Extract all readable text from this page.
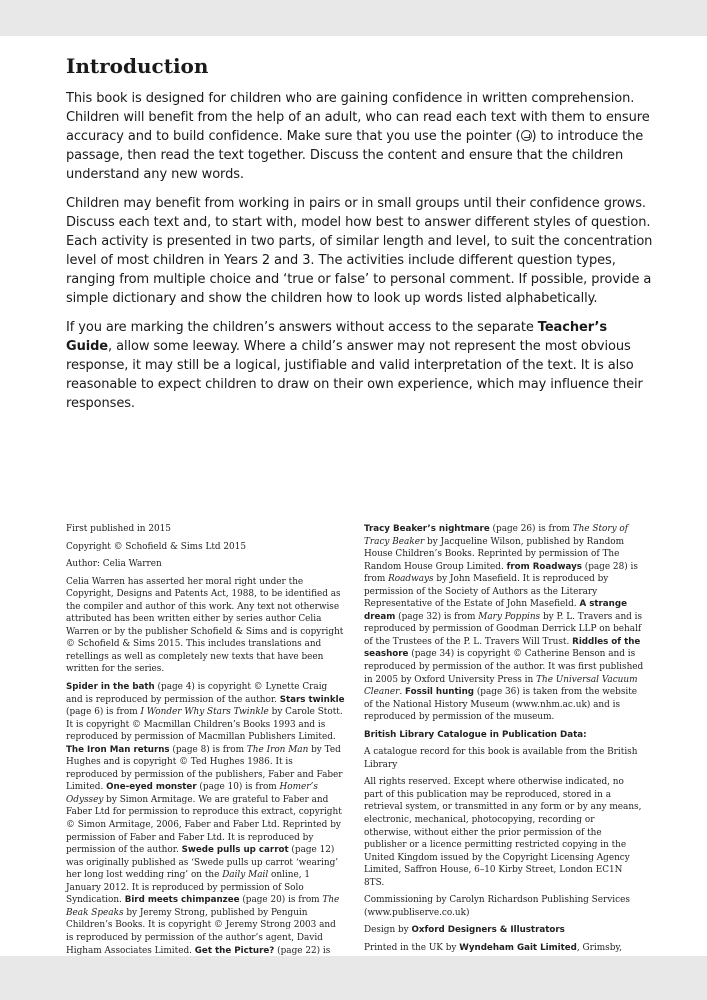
Introduction

This book is designed for children who are gaining confidence in written comprehension. Children will benefit from the help of an adult, who can read each text with them to ensure accuracy and to build confidence. Make sure that you use the pointer ( ) to introduce the passage, then read the text together. Discuss the content and ensure that the children understand any new words.

Children may benefit from working in pairs or in small groups until their confidence grows. Discuss each text and, to start with, model how best to answer different styles of question. Each activity is presented in two parts, of similar length and level, to suit the concentration level of most children in Years 2 and 3. The activities include different question types, ranging from multiple choice and ‘true or false’ to personal comment. If possible, provide a simple dictionary and show the children how to look up words listed alphabetically.

If you are marking the children’s answers without access to the separate Teacher’s Guide, allow some leeway. Where a child’s answer may not represent the most obvious response, it may still be a logical, justifiable and valid interpretation of the text. It is also reasonable to expect children to draw on their own experience, which may influence their responses.

First published in 2015

Copyright © Schofield & Sims Ltd 2015

Author: Celia Warren

Celia Warren has asserted her moral right under the Copyright, Designs and Patents Act, 1988, to be identified as the compiler and author of this work. Any text not otherwise attributed has been written either by series author Celia Warren or by the publisher Schofield & Sims and is copyright © Schofield & Sims 2015. This includes translations and retellings as well as completely new texts that have been written for the series.

Spider in the bath (page 4) is copyright © Lynette Craig and is reproduced by permission of the author. Stars twinkle (page 6) is from I Wonder Why Stars Twinkle by Carole Stott. It is copyright © Macmillan Children’s Books 1993 and is reproduced by permission of Macmillan Publishers Limited. The Iron Man returns (page 8) is from The Iron Man by Ted Hughes and is copyright © Ted Hughes 1986. It is reproduced by permission of the publishers, Faber and Faber Limited. One-eyed monster (page 10) is from Homer’s Odyssey by Simon Armitage. We are grateful to Faber and Faber Ltd for permission to reproduce this extract, copyright © Simon Armitage, 2006, Faber and Faber Ltd. Reprinted by permission of Faber and Faber Ltd. It is reproduced by permission of the author. Swede pulls up carrot (page 12) was originally published as ‘Swede pulls up carrot ‘wearing’ her long lost wedding ring’ on the Daily Mail online, 1 January 2012. It is reproduced by permission of Solo Syndication. Bird meets chimpanzee (page 20) is from The Beak Speaks by Jeremy Strong, published by Penguin Children’s Books. It is copyright © Jeremy Strong 2003 and is reproduced by permission of the author’s agent, David Higham Associates Limited. Get the Picture? (page 22) is

Tracy Beaker’s nightmare (page 26) is from The Story of Tracy Beaker by Jacqueline Wilson, published by Random House Children’s Books. Reprinted by permission of The Random House Group Limited. from Roadways (page 28) is from Roadways by John Masefield. It is reproduced by permission of the Society of Authors as the Literary Representative of the Estate of John Masefield. A strange dream (page 32) is from Mary Poppins by P. L. Travers and is reproduced by permission of Goodman Derrick LLP on behalf of the Trustees of the P. L. Travers Will Trust. Riddles of the seashore (page 34) is copyright © Catherine Benson and is reproduced by permission of the author. It was first published in 2005 by Oxford University Press in The Universal Vacuum Cleaner. Fossil hunting (page 36) is taken from the website of the National History Museum (www.nhm.ac.uk) and is reproduced by permission of the museum.

British Library Catalogue in Publication Data:

A catalogue record for this book is available from the British Library

All rights reserved. Except where otherwise indicated, no part of this publication may be reproduced, stored in a retrieval system, or transmitted in any form or by any means, electronic, mechanical, photocopying, recording or otherwise, without either the prior permission of the publisher or a licence permitting restricted copying in the United Kingdom issued by the Copyright Licensing Agency Limited, Saffron House, 6–10 Kirby Street, London EC1N 8TS.

Commissioning by Carolyn Richardson Publishing Services (www.publiserve.co.uk)

Design by Oxford Designers & Illustrators

Printed in the UK by Wyndeham Gait Limited, Grimsby,
